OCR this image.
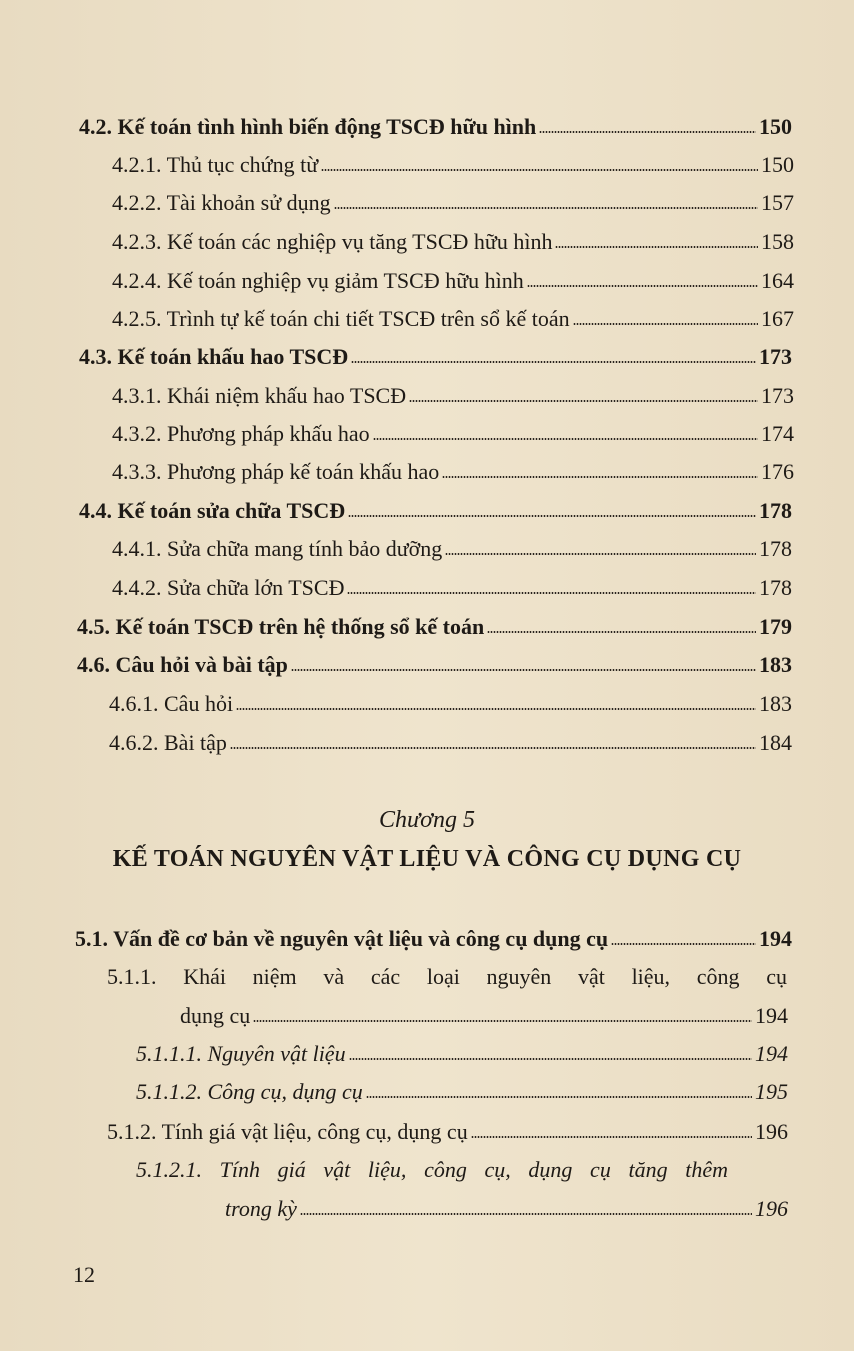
4.2. Kế toán tình hình biến động TSCĐ hữu hình	150
4.2.1. Thủ tục chứng từ	150
4.2.2. Tài khoản sử dụng	157
4.2.3. Kế toán các nghiệp vụ tăng TSCĐ hữu hình	158
4.2.4. Kế toán nghiệp vụ giảm TSCĐ hữu hình	164
4.2.5. Trình tự kế toán chi tiết TSCĐ trên sổ kế toán	167
4.3. Kế toán khấu hao TSCĐ	173
4.3.1. Khái niệm khấu hao TSCĐ	173
4.3.2. Phương pháp khấu hao	174
4.3.3. Phương pháp kế toán khấu hao	176
4.4. Kế toán sửa chữa TSCĐ	178
4.4.1. Sửa chữa mang tính bảo dưỡng	178
4.4.2. Sửa chữa lớn TSCĐ	178
4.5. Kế toán TSCĐ trên hệ thống sổ kế toán	179
4.6. Câu hỏi và bài tập	183
4.6.1. Câu hỏi	183
4.6.2. Bài tập	184
Chương 5
KẾ TOÁN NGUYÊN VẬT LIỆU VÀ CÔNG CỤ DỤNG CỤ
5.1. Vấn đề cơ bản về nguyên vật liệu và công cụ dụng cụ	194
5.1.1. Khái niệm và các loại nguyên vật liệu, công cụ
dụng cụ	194
5.1.1.1. Nguyên vật liệu	194
5.1.1.2. Công cụ, dụng cụ	195
5.1.2. Tính giá vật liệu, công cụ, dụng cụ	196
5.1.2.1. Tính giá vật liệu, công cụ, dụng cụ tăng thêm
trong kỳ	196
12
